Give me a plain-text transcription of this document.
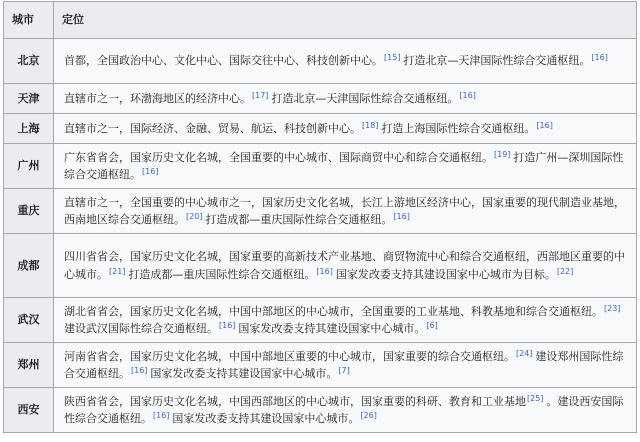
城市	定位
北京	首都，全国政治中心、文化中心、国际交往中心、科技创新中心。[15] 打造北京—天津国际性综合交通枢纽。[16]
天津	直辖市之一，环渤海地区的经济中心。[17] 打造北京—天津国际性综合交通枢纽。[16]
上海	直辖市之一，国际经济、金融、贸易、航运、科技创新中心。[18] 打造上海国际性综合交通枢纽。[16]
广州	广东省省会，国家历史文化名城，全国重要的中心城市、国际商贸中心和综合交通枢纽。[19] 打造广州—深圳国际性综合交通枢纽。[16]
重庆	直辖市之一，全国重要的中心城市之一，国家历史文化名城，长江上游地区经济中心，国家重要的现代制造业基地，西南地区综合交通枢纽。[20] 打造成都—重庆国际性综合交通枢纽。[16]
成都	四川省省会，国家历史文化名城，国家重要的高新技术产业基地、商贸物流中心和综合交通枢纽，西部地区重要的中心城市。[21] 打造成都—重庆国际性综合交通枢纽。[16] 国家发改委支持其建设国家中心城市为目标。[22]
武汉	湖北省省会，国家历史文化名城，中国中部地区的中心城市，全国重要的工业基地、科教基地和综合交通枢纽。[23]建设武汉国际性综合交通枢纽。[16] 国家发改委支持其建设国家中心城市。[6]
郑州	河南省省会，国家历史文化名城，中国中部地区重要的中心城市，国家重要的综合交通枢纽。[24] 建设郑州国际性综合交通枢纽。[16] 国家发改委支持其建设国家中心城市。[7]
西安	陕西省省会，国家历史文化名城，中国西部地区的中心城市，国家重要的科研、教育和工业基地[25] 。建设西安国际性综合交通枢纽。[16] 国家发改委支持其建设国家中心城市。[26]
